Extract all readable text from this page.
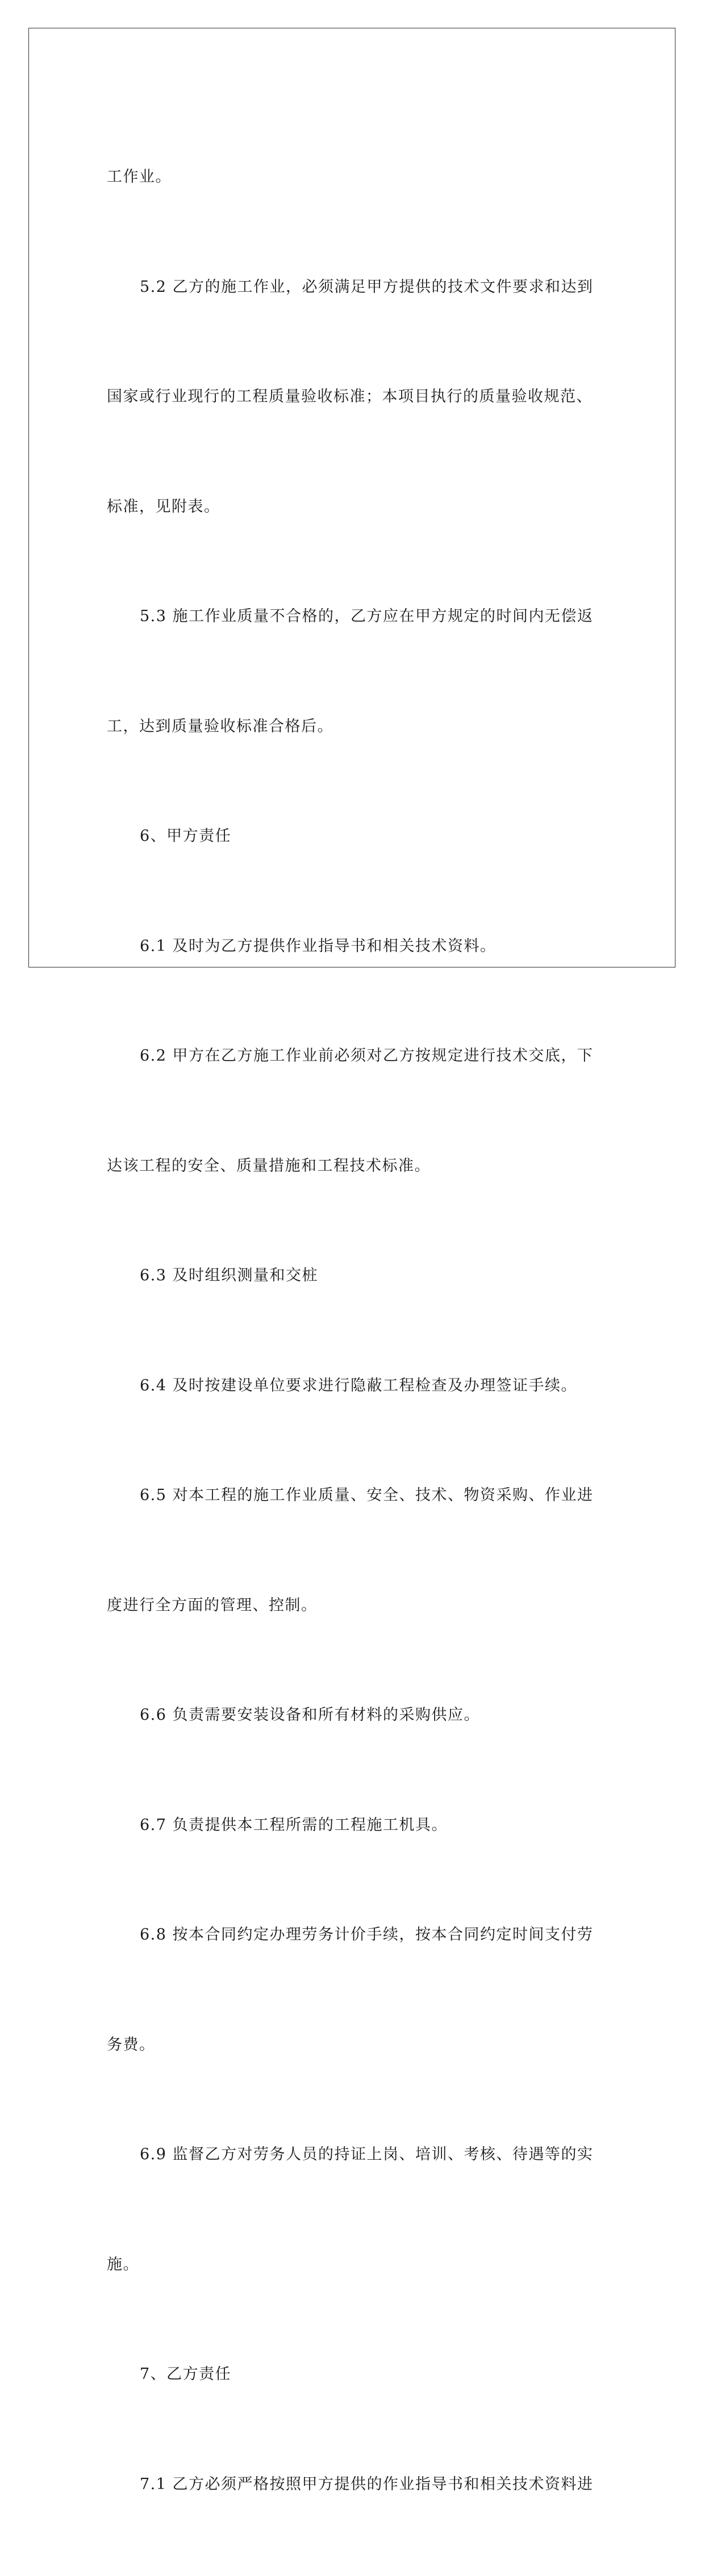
工作业。

5.2 乙方的施工作业，必须满足甲方提供的技术文件要求和达到

国家或行业现行的工程质量验收标准；本项目执行的质量验收规范、

标准，见附表。

5.3 施工作业质量不合格的，乙方应在甲方规定的时间内无偿返

工，达到质量验收标准合格后。

6、甲方责任

6.1 及时为乙方提供作业指导书和相关技术资料。

6.2 甲方在乙方施工作业前必须对乙方按规定进行技术交底，下

达该工程的安全、质量措施和工程技术标准。

6.3 及时组织测量和交桩

6.4 及时按建设单位要求进行隐蔽工程检查及办理签证手续。

6.5 对本工程的施工作业质量、安全、技术、物资采购、作业进

度进行全方面的管理、控制。

6.6 负责需要安装设备和所有材料的采购供应。

6.7 负责提供本工程所需的工程施工机具。

6.8 按本合同约定办理劳务计价手续，按本合同约定时间支付劳

务费。

6.9 监督乙方对劳务人员的持证上岗、培训、考核、待遇等的实

施。

7、乙方责任

7.1 乙方必须严格按照甲方提供的作业指导书和相关技术资料进
